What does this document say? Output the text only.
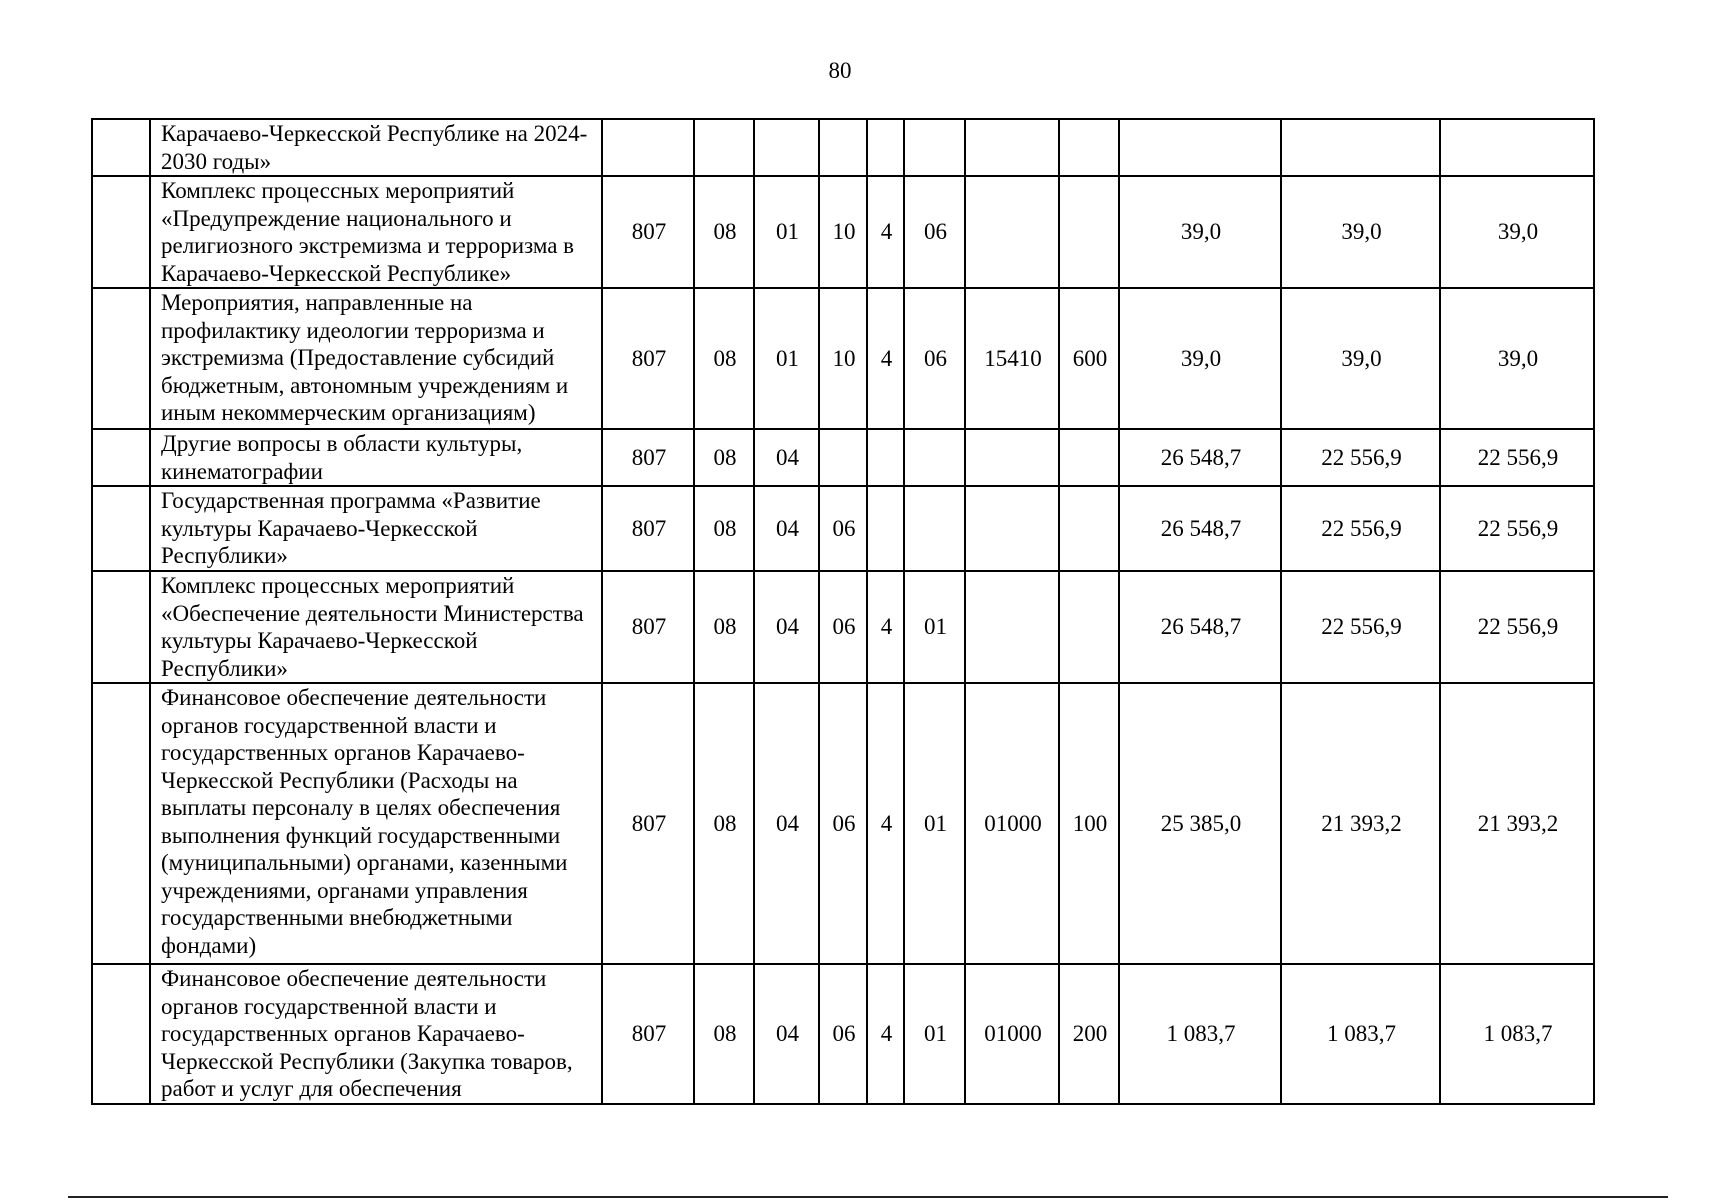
80
	Карачаево-Черкесской Республике на 2024-2030 годы»											
	Комплекс процессных мероприятий «Предупреждение национального и религиозного экстремизма и терроризма в Карачаево-Черкесской Республике»	807	08	01	10	4	06			39,0	39,0	39,0
	Мероприятия, направленные на профилактику идеологии терроризма и экстремизма (Предоставление субсидий бюджетным, автономным учреждениям и иным некоммерческим организациям)	807	08	01	10	4	06	15410	600	39,0	39,0	39,0
	Другие вопросы в области культуры, кинематографии	807	08	04						26 548,7	22 556,9	22 556,9
	Государственная программа «Развитие культуры Карачаево-Черкесской Республики»	807	08	04	06					26 548,7	22 556,9	22 556,9
	Комплекс процессных мероприятий «Обеспечение деятельности Министерства культуры Карачаево-Черкесской Республики»	807	08	04	06	4	01			26 548,7	22 556,9	22 556,9
	Финансовое обеспечение деятельности органов государственной власти и государственных органов Карачаево-Черкесской Республики (Расходы на выплаты персоналу в целях обеспечения выполнения функций государственными (муниципальными) органами, казенными учреждениями, органами управления государственными внебюджетными фондами)	807	08	04	06	4	01	01000	100	25 385,0	21 393,2	21 393,2
	Финансовое обеспечение деятельности органов государственной власти и государственных органов Карачаево-Черкесской Республики (Закупка товаров, работ и услуг для обеспечения	807	08	04	06	4	01	01000	200	1 083,7	1 083,7	1 083,7
